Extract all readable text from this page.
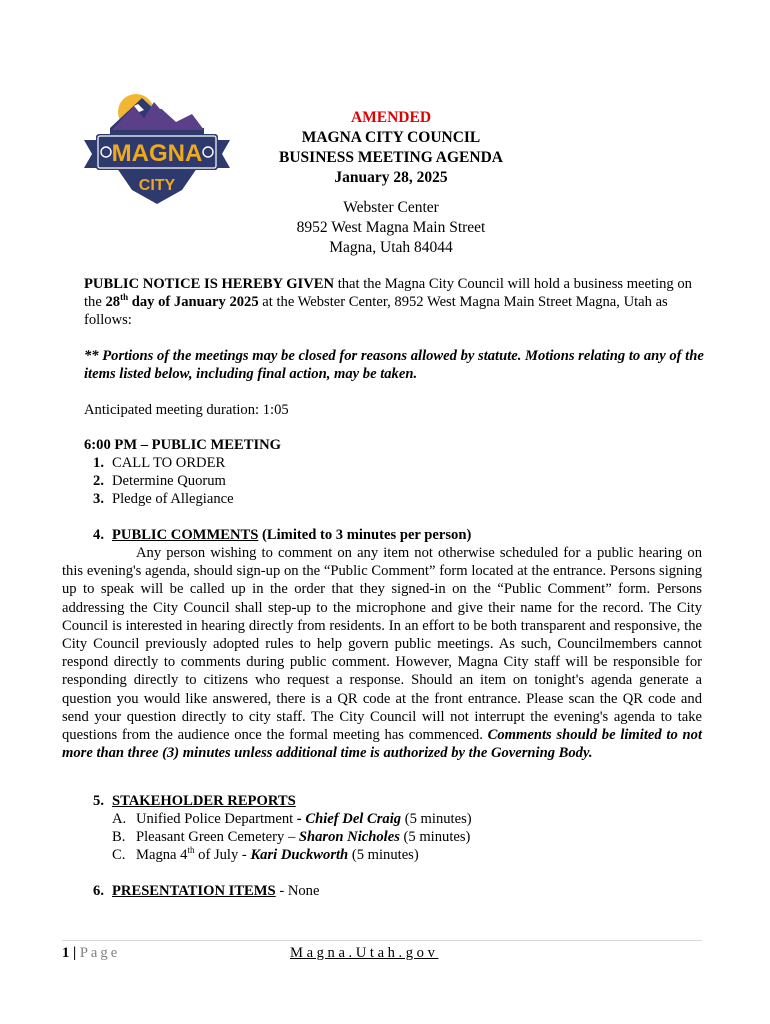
MAGNA
CITY
AMENDED
MAGNA CITY COUNCIL
BUSINESS MEETING AGENDA
January 28, 2025
Webster Center
8952 West Magna Main Street
Magna, Utah 84044
PUBLIC NOTICE IS HEREBY GIVEN that the Magna City Council will hold a business meeting on the 28th day of January 2025 at the Webster Center, 8952 West Magna Main Street Magna, Utah as follows:
** Portions of the meetings may be closed for reasons allowed by statute. Motions relating to any of the items listed below, including final action, may be taken.
Anticipated meeting duration: 1:05
6:00 PM – PUBLIC MEETING
1. CALL TO ORDER
2. Determine Quorum
3. Pledge of Allegiance
4. PUBLIC COMMENTS (Limited to 3 minutes per person)
Any person wishing to comment on any item not otherwise scheduled for a public hearing on this evening's agenda, should sign-up on the “Public Comment” form located at the entrance. Persons signing up to speak will be called up in the order that they signed-in on the “Public Comment” form. Persons addressing the City Council shall step-up to the microphone and give their name for the record. The City Council is interested in hearing directly from residents. In an effort to be both transparent and responsive, the City Council previously adopted rules to help govern public meetings. As such, Councilmembers cannot respond directly to comments during public comment. However, Magna City staff will be responsible for responding directly to citizens who request a response. Should an item on tonight's agenda generate a question you would like answered, there is a QR code at the front entrance. Please scan the QR code and send your question directly to city staff. The City Council will not interrupt the evening's agenda to take questions from the audience once the formal meeting has commenced. Comments should be limited to not more than three (3) minutes unless additional time is authorized by the Governing Body.
5. STAKEHOLDER REPORTS
A. Unified Police Department - Chief Del Craig (5 minutes)
B. Pleasant Green Cemetery – Sharon Nicholes (5 minutes)
C. Magna 4th of July - Kari Duckworth (5 minutes)
6. PRESENTATION ITEMS - None
1 | Page	Magna.Utah.gov
